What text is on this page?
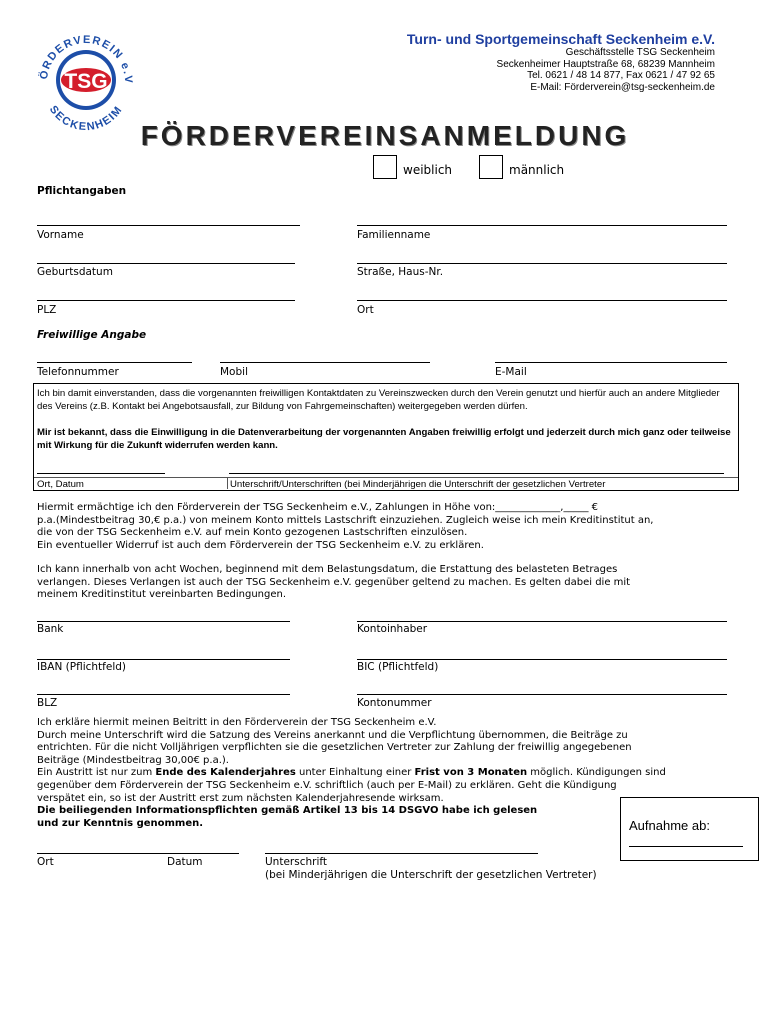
ÖRDERVEREIN e.V
SECKENHEIM
TSG
Turn- und Sportgemeinschaft Seckenheim e.V.
Geschäftsstelle TSG Seckenheim
Seckenheimer Hauptstraße 68, 68239 Mannheim
Tel. 0621 / 48 14 877, Fax 0621 / 47 92 65
E-Mail: Förderverein@tsg-seckenheim.de
FÖRDERVEREINSANMELDUNG
weiblich	männlich
Pflichtangaben
Vorname	Familienname
Geburtsdatum	Straße, Haus-Nr.
PLZ	Ort
Freiwillige Angabe
Telefonnummer	Mobil	E-Mail
Ich bin damit einverstanden, dass die vorgenannten freiwilligen Kontaktdaten zu Vereinszwecken durch den Verein genutzt und hierfür auch an andere Mitglieder des Vereins (z.B. Kontakt bei Angebotsausfall, zur Bildung von Fahrgemeinschaften) weitergegeben werden dürfen.
Mir ist bekannt, dass die Einwilligung in die Datenverarbeitung der vorgenannten Angaben freiwillig erfolgt und jederzeit durch mich ganz oder teilweise mit Wirkung für die Zukunft widerrufen werden kann.
Ort, Datum	Unterschrift/Unterschriften (bei Minderjährigen die Unterschrift der gesetzlichen Vertreter
Hiermit ermächtige ich den Förderverein der TSG Seckenheim e.V., Zahlungen in Höhe von:_____________,_____ €
p.a.(Mindestbeitrag 30,€ p.a.) von meinem Konto mittels Lastschrift einzuziehen. Zugleich weise ich mein Kreditinstitut an,
die von der TSG Seckenheim e.V. auf mein Konto gezogenen Lastschriften einzulösen.
Ein eventueller Widerruf ist auch dem Förderverein der TSG Seckenheim e.V. zu erklären.
Ich kann innerhalb von acht Wochen, beginnend mit dem Belastungsdatum, die Erstattung des belasteten Betrages
verlangen. Dieses Verlangen ist auch der TSG Seckenheim e.V. gegenüber geltend zu machen. Es gelten dabei die mit
meinem Kreditinstitut vereinbarten Bedingungen.
Bank	Kontoinhaber
IBAN (Pflichtfeld)	BIC (Pflichtfeld)
BLZ	Kontonummer
Ich erkläre hiermit meinen Beitritt in den Förderverein der TSG Seckenheim e.V.
Durch meine Unterschrift wird die Satzung des Vereins anerkannt und die Verpflichtung übernommen, die Beiträge zu
entrichten. Für die nicht Volljährigen verpflichten sie die gesetzlichen Vertreter zur Zahlung der freiwillig angegebenen
Beiträge (Mindestbeitrag 30,00€ p.a.).
Ein Austritt ist nur zum Ende des Kalenderjahres unter Einhaltung einer Frist von 3 Monaten möglich. Kündigungen sind
gegenüber dem Förderverein der TSG Seckenheim e.V. schriftlich (auch per E-Mail) zu erklären. Geht die Kündigung
verspätet ein, so ist der Austritt erst zum nächsten Kalenderjahresende wirksam.
Die beiliegenden Informationspflichten gemäß Artikel 13 bis 14 DSGVO habe ich gelesen
und zur Kenntnis genommen.	Aufnahme ab:
Ort	Datum	Unterschrift
(bei Minderjährigen die Unterschrift der gesetzlichen Vertreter)
